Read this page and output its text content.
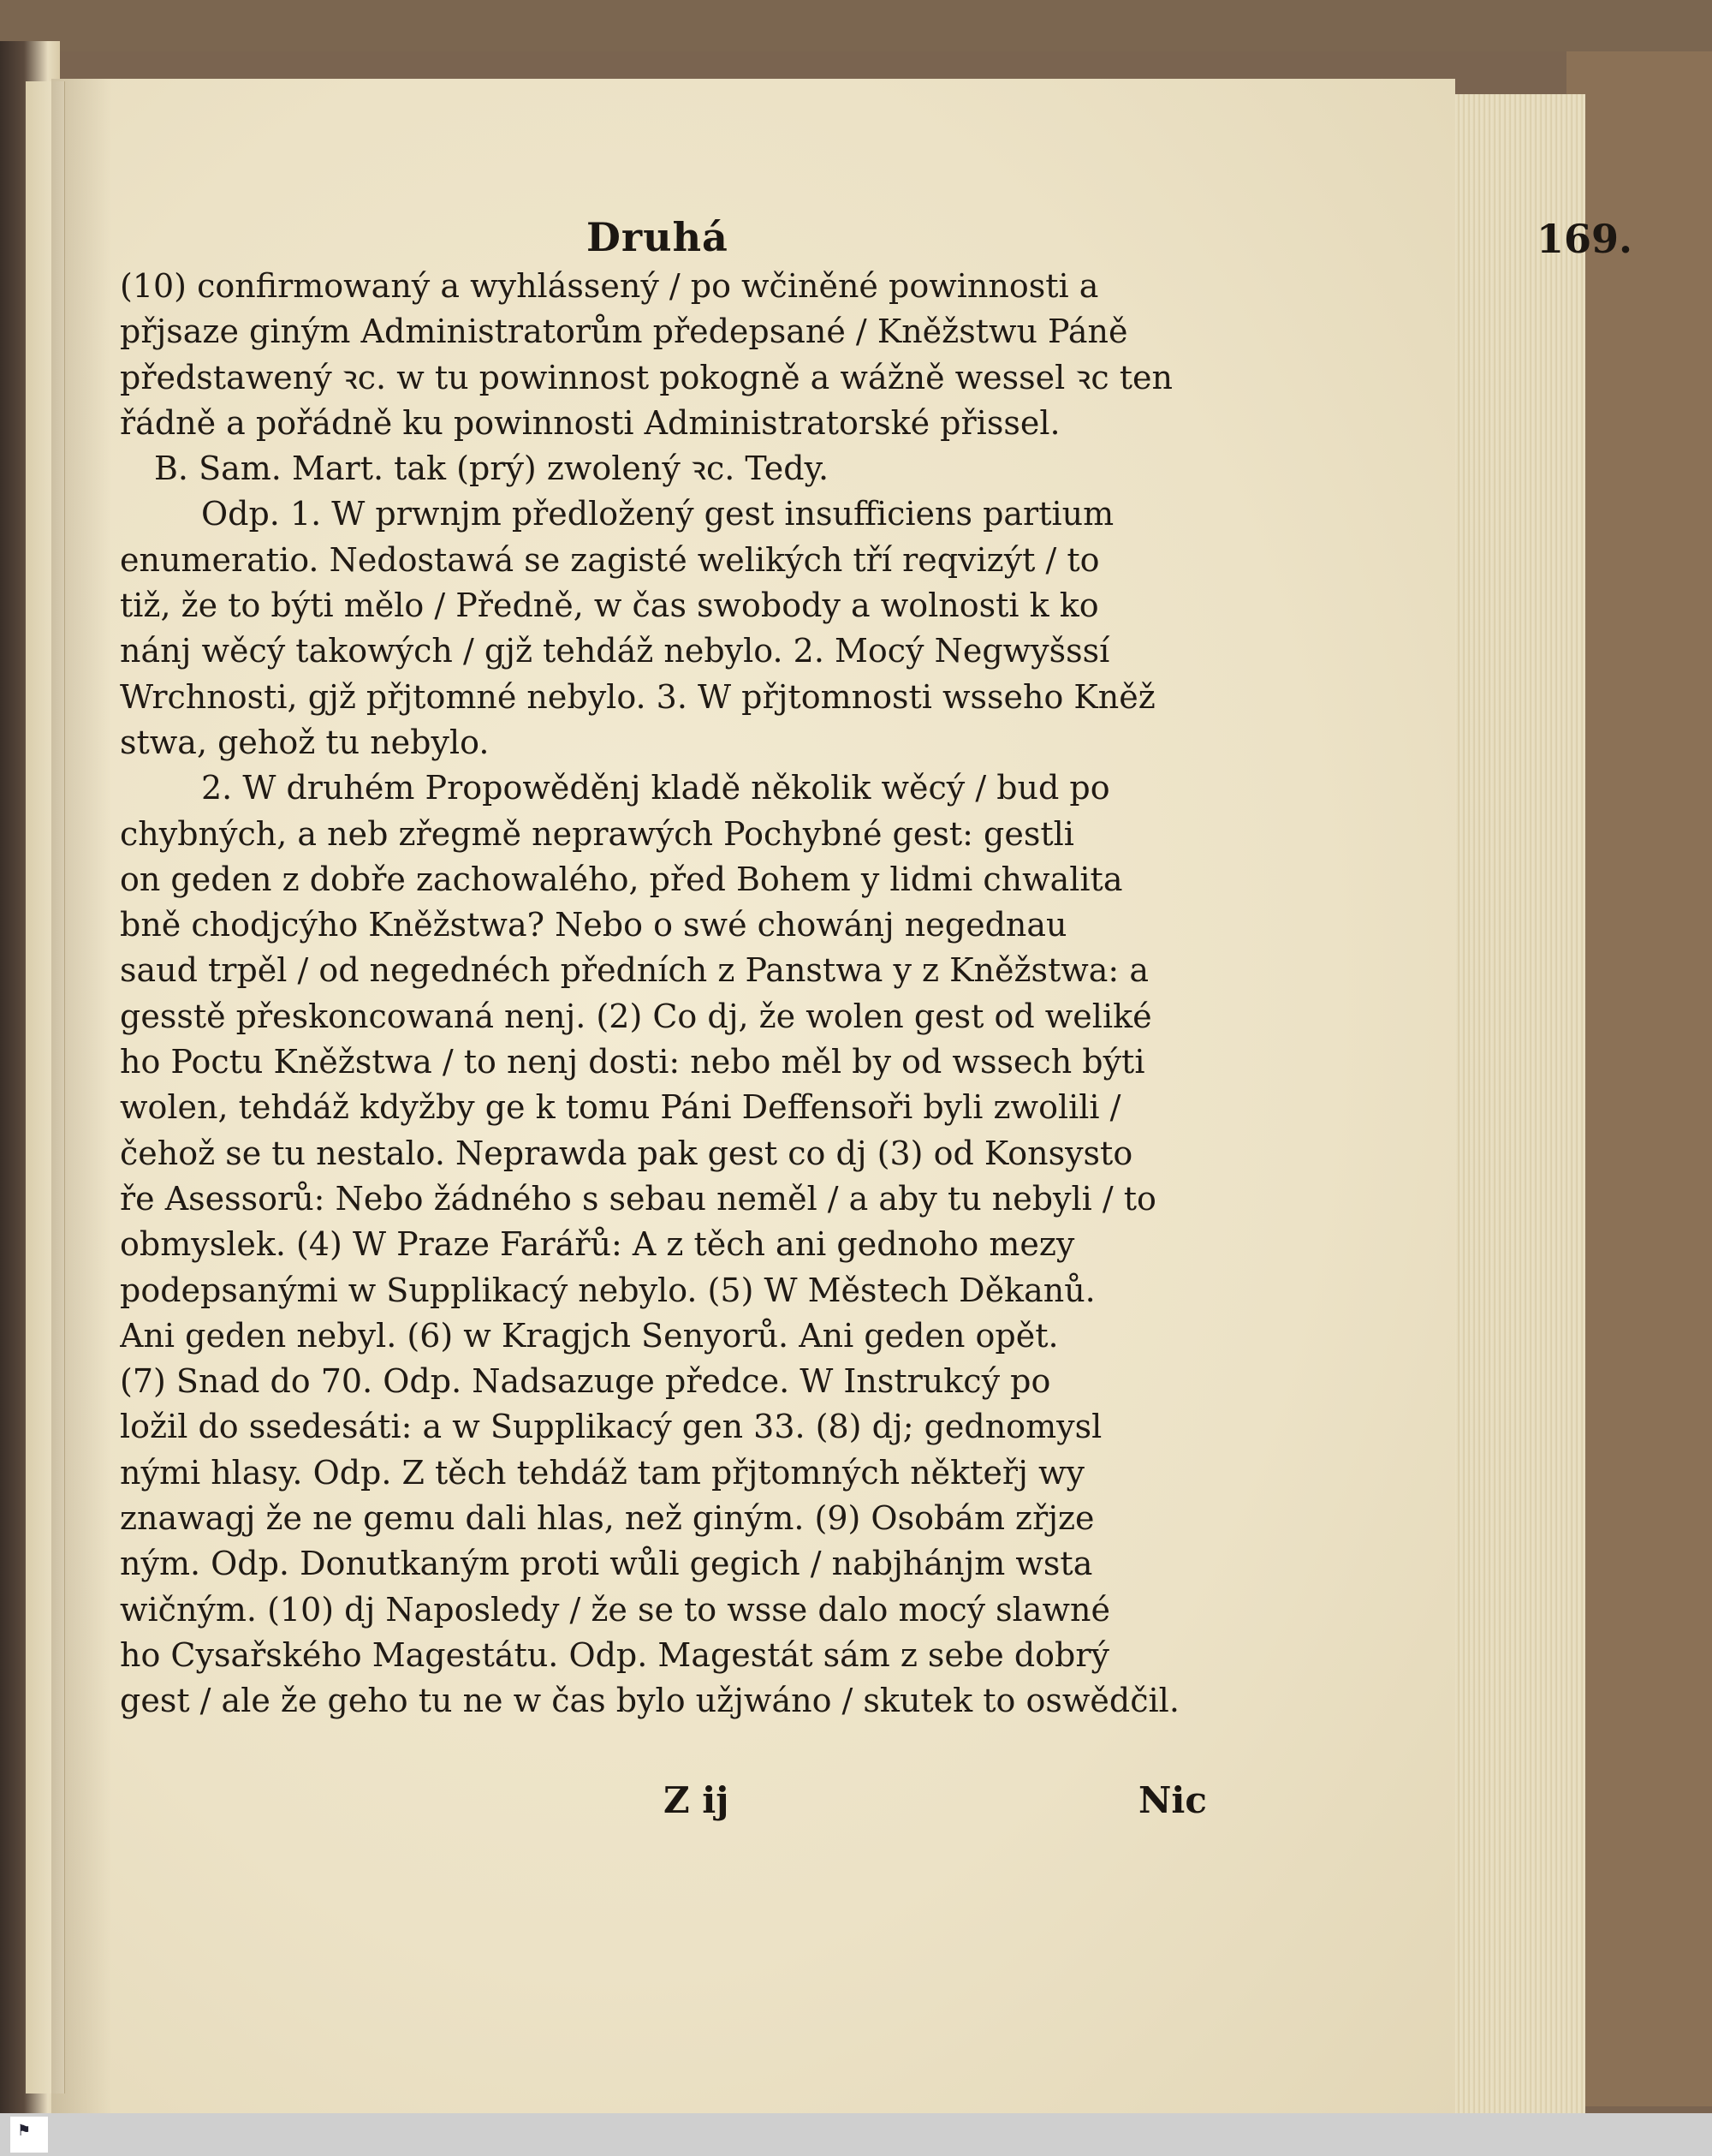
Druhá	169.
(10) confirmowaný a wyhlássený / po wčiněné powinnosti a
přjsaze giným Administratorům předepsané / Kněžstwu Páně
předstawený ꝛc. w tu powinnost pokogně a wážně wessel ꝛc ten
řádně a pořádně ku powinnosti Administratorské přissel.
B. Sam. Mart. tak (prý) zwolený ꝛc. Tedy.
Odp. 1. W prwnjm předložený gest insufficiens partium
enumeratio. Nedostawá se zagisté welikých tří reqvizýt / to
tiž, že to býti mělo / Předně, w čas swobody a wolnosti k ko
nánj wěcý takowých / gjž tehdáž nebylo. 2. Mocý Negwyšssí
Wrchnosti, gjž přjtomné nebylo. 3. W přjtomnosti wsseho Kněž
stwa, gehož tu nebylo.
2. W druhém Propowěděnj kladě několik wěcý / bud po
chybných, a neb zřegmě neprawých Pochybné gest: gestli
on geden z dobře zachowalého, před Bohem y lidmi chwalita
bně chodjcýho Kněžstwa? Nebo o swé chowánj negednau
saud trpěl / od negednéch předních z Panstwa y z Kněžstwa: a
gesstě přeskoncowaná nenj. (2) Co dj, že wolen gest od weliké
ho Poctu Kněžstwa / to nenj dosti: nebo měl by od wssech býti
wolen, tehdáž kdyžby ge k tomu Páni Deffensoři byli zwolili /
čehož se tu nestalo. Neprawda pak gest co dj (3) od Konsysto
ře Asessorů: Nebo žádného s sebau neměl / a aby tu nebyli / to
obmyslek. (4) W Praze Farářů: A z těch ani gednoho mezy
podepsanými w Supplikacý nebylo. (5) W Městech Děkanů.
Ani geden nebyl. (6) w Kragjch Senyorů. Ani geden opět.
(7) Snad do 70. Odp. Nadsazuge předce. W Instrukcý po
ložil do ssedesáti: a w Supplikacý gen 33. (8) dj; gednomysl
nými hlasy. Odp. Z těch tehdáž tam přjtomných někteřj wy
znawagj že ne gemu dali hlas, než giným. (9) Osobám zřjze
ným. Odp. Donutkaným proti wůli gegich / nabjhánjm wsta
wičným. (10) dj Naposledy / že se to wsse dalo mocý slawné
ho Cysařského Magestátu. Odp. Magestát sám z sebe dobrý
gest / ale že geho tu ne w čas bylo užjwáno / skutek to oswědčil.
Z ij	Nic
⚑
